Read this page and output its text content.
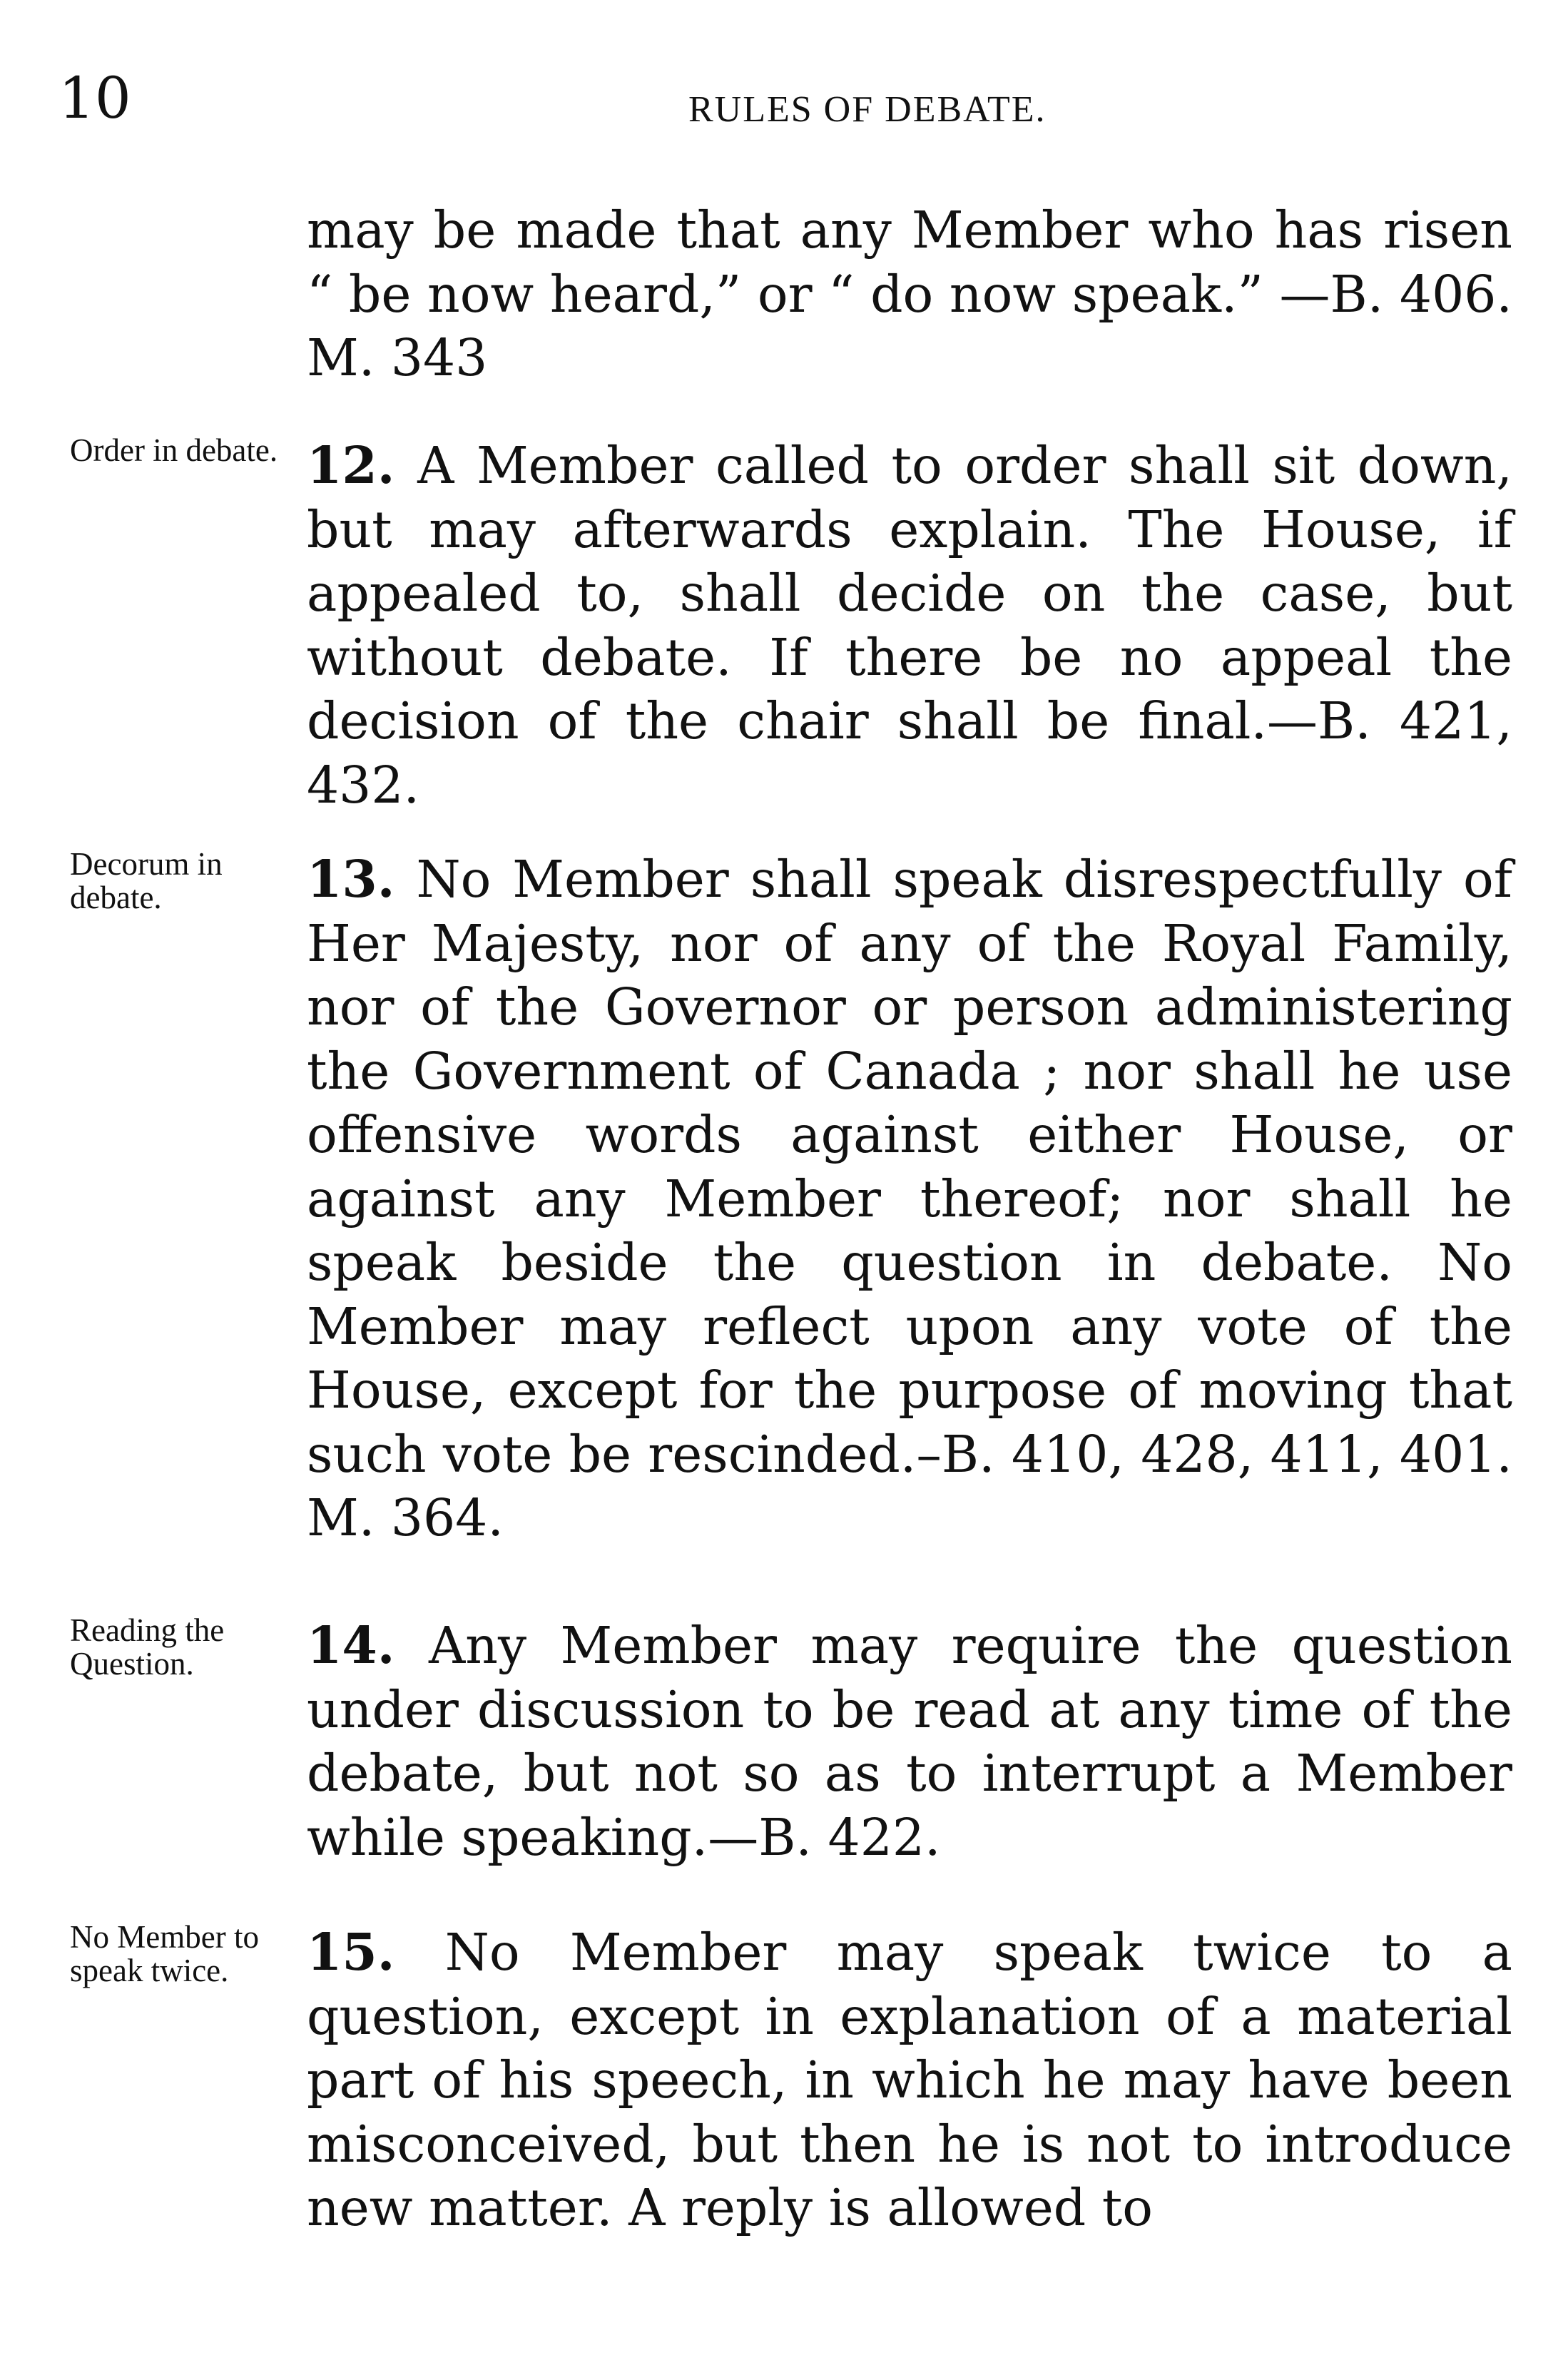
10	RULES OF DEBATE.
may be made that any Member who has risen “ be now heard,” or “ do now speak.” —B. 406. M. 343
Order in debate. 12. A Member called to order shall sit down, but may afterwards explain. The House, if appealed to, shall decide on the case, but without debate. If there be no appeal the decision of the chair shall be final.—B. 421, 432.
Decorum in debate.	13. No Member shall speak disrespectfully of Her Majesty, nor of any of the Royal Family, nor of the Governor or person administering the Government of Canada ; nor shall he use offensive words against either House, or against any Member thereof; nor shall he speak beside the question in debate. No Member may reflect upon any vote of the House, except for the purpose of moving that such vote be rescinded.–B. 410, 428, 411, 401. M. 364.
Reading the Question.	14. Any Member may require the question under discussion to be read at any time of the debate, but not so as to interrupt a Member while speaking.—B. 422.
No Member to speak twice.	15. No Member may speak twice to a question, except in explanation of a material part of his speech, in which he may have been misconceived, but then he is not to introduce new matter. A reply is allowed to
